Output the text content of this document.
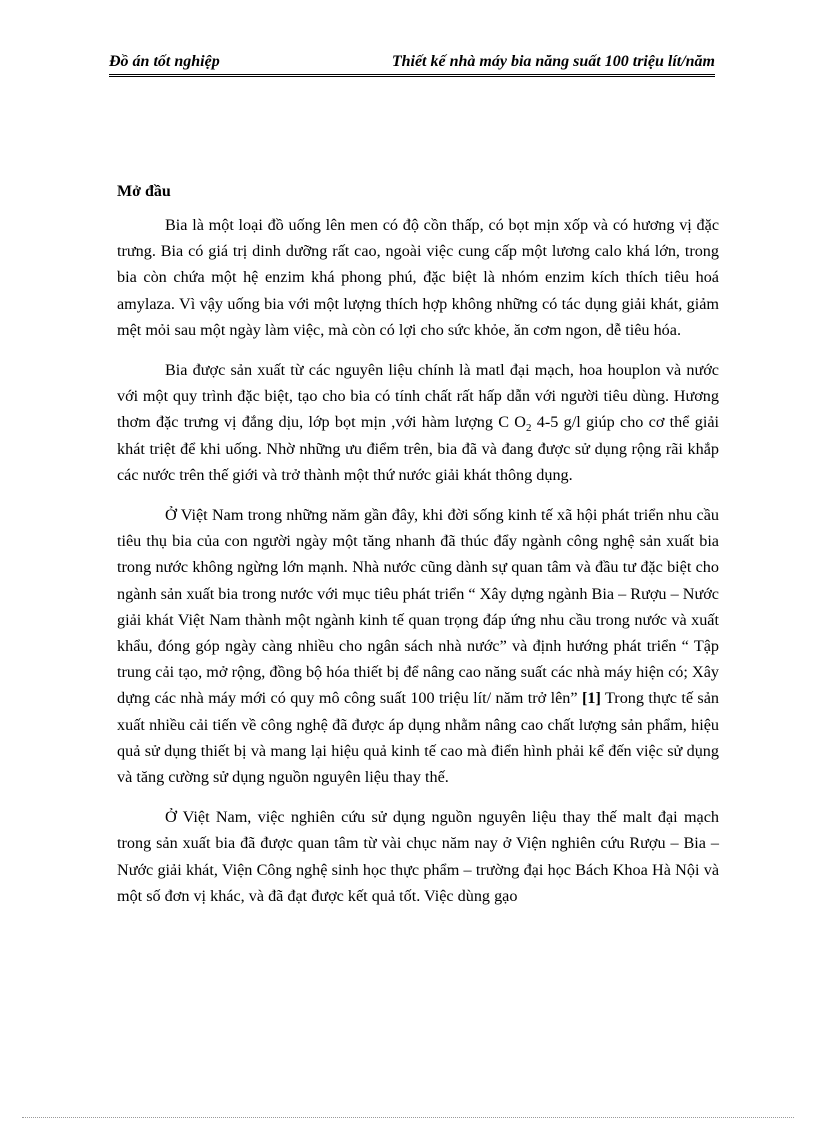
Đồ án tốt nghiệp	Thiết kế nhà máy bia năng suất 100 triệu lít/năm
Mở đầu

Bia là một loại đồ uống lên men có độ cồn thấp, có bọt mịn xốp và có hương vị đặc trưng. Bia có giá trị dinh dưỡng rất cao, ngoài việc cung cấp một lương calo khá lớn, trong bia còn chứa một hệ enzim khá phong phú, đặc biệt là nhóm enzim kích thích tiêu hoá amylaza. Vì vậy uống bia với một lượng thích hợp không những có tác dụng giải khát, giảm mệt mỏi sau một ngày làm việc, mà còn có lợi cho sức khỏe, ăn cơm ngon, dễ tiêu hóa.

Bia được sản xuất từ các nguyên liệu chính là matl đại mạch, hoa houplon và nước với một quy trình đặc biệt, tạo cho bia có tính chất rất hấp dẫn với người tiêu dùng. Hương thơm đặc trưng vị đắng dịu, lớp bọt mịn ,với hàm lượng C $O_2$ 4-5 g/l giúp cho cơ thể giải khát triệt để khi uống. Nhờ những ưu điểm trên, bia đã và đang được sử dụng rộng rãi khắp các nước trên thế giới và trở thành một thứ nước giải khát thông dụng.

Ở Việt Nam trong những năm gần đây, khi đời sống kinh tế xã hội phát triển nhu cầu tiêu thụ bia của con người ngày một tăng nhanh đã thúc đẩy ngành công nghệ sản xuất bia trong nước không ngừng lớn mạnh. Nhà nước cũng dành sự quan tâm và đầu tư đặc biệt cho ngành sản xuất bia trong nước với mục tiêu phát triển “ Xây dựng ngành Bia – Rượu – Nước giải khát Việt Nam thành một ngành kinh tế quan trọng đáp ứng nhu cầu trong nước và xuất khẩu, đóng góp ngày càng nhiều cho ngân sách nhà nước” và định hướng phát triển “ Tập trung cải tạo, mở rộng, đồng bộ hóa thiết bị để nâng cao năng suất các nhà máy hiện có; Xây dựng các nhà máy mới có quy mô công suất 100 triệu lít/ năm trở lên” [1] Trong thực tế sản xuất nhiều cải tiến về công nghệ đã được áp dụng nhằm nâng cao chất lượng sản phẩm, hiệu quả sử dụng thiết bị và mang lại hiệu quả kinh tế cao mà điển hình phải kể đến việc sử dụng và tăng cường sử dụng nguồn nguyên liệu thay thế.

Ở Việt Nam, việc nghiên cứu sử dụng nguồn nguyên liệu thay thế malt đại mạch trong sản xuất bia đã được quan tâm từ vài chục năm nay ở Viện nghiên cứu Rượu – Bia – Nước giải khát, Viện Công nghệ sinh học thực phẩm – trường đại học Bách Khoa Hà Nội và một số đơn vị khác, và đã đạt được kết quả tốt. Việc dùng gạo
